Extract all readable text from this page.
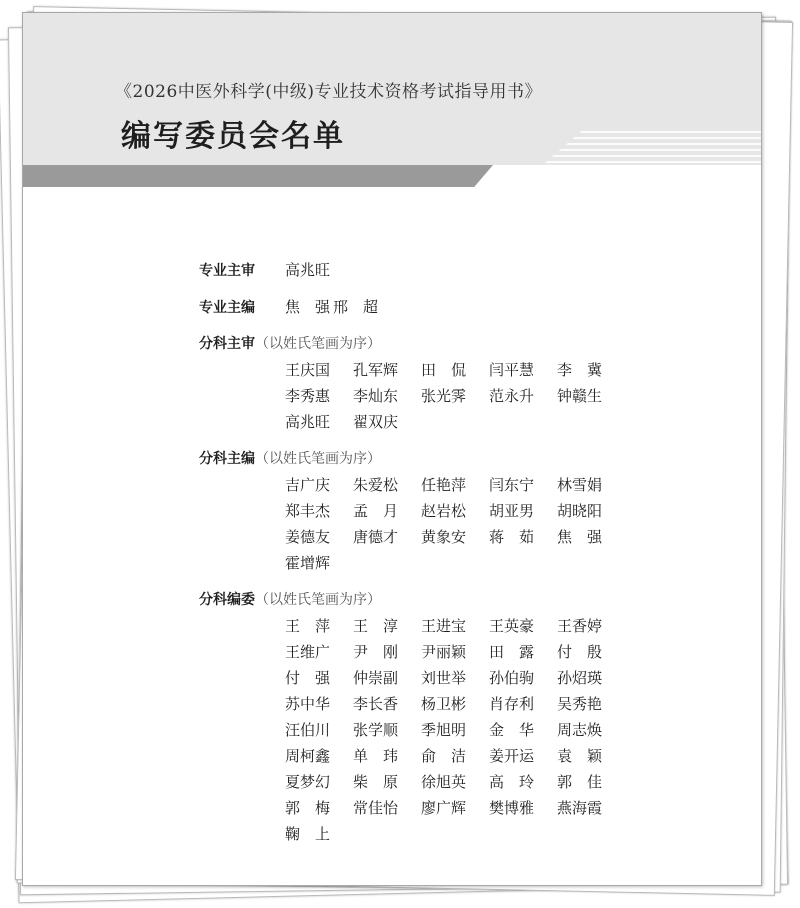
《2026中医外科学(中级)专业技术资格考试指导用书》

编写委员会名单
专业主审	高兆旺
专业主编	焦　强 邢　超
分科主审 （以姓氏笔画为序）
王庆国	孔军辉	田　侃	闫平慧	李　冀
李秀惠	李灿东	张光霁	范永升	钟赣生
高兆旺	翟双庆
分科主编 （以姓氏笔画为序）
吉广庆	朱爱松	任艳萍	闫东宁	林雪娟
郑丰杰	孟　月	赵岩松	胡亚男	胡晓阳
姜德友	唐德才	黄象安	蒋　茹	焦　强
霍增辉
分科编委 （以姓氏笔画为序）
王　萍	王　淳	王进宝	王英豪	王香婷
王维广	尹　刚	尹丽颖	田　露	付　殷
付　强	仲崇副	刘世举	孙伯驹	孙炤瑛
苏中华	李长香	杨卫彬	肖存利	吴秀艳
汪伯川	张学顺	季旭明	金　华	周志焕
周柯鑫	单　玮	俞　洁	姜开运	袁　颖
夏梦幻	柴　原	徐旭英	高　玲	郭　佳
郭　梅	常佳怡	廖广辉	樊博雅	燕海霞
鞠　上
